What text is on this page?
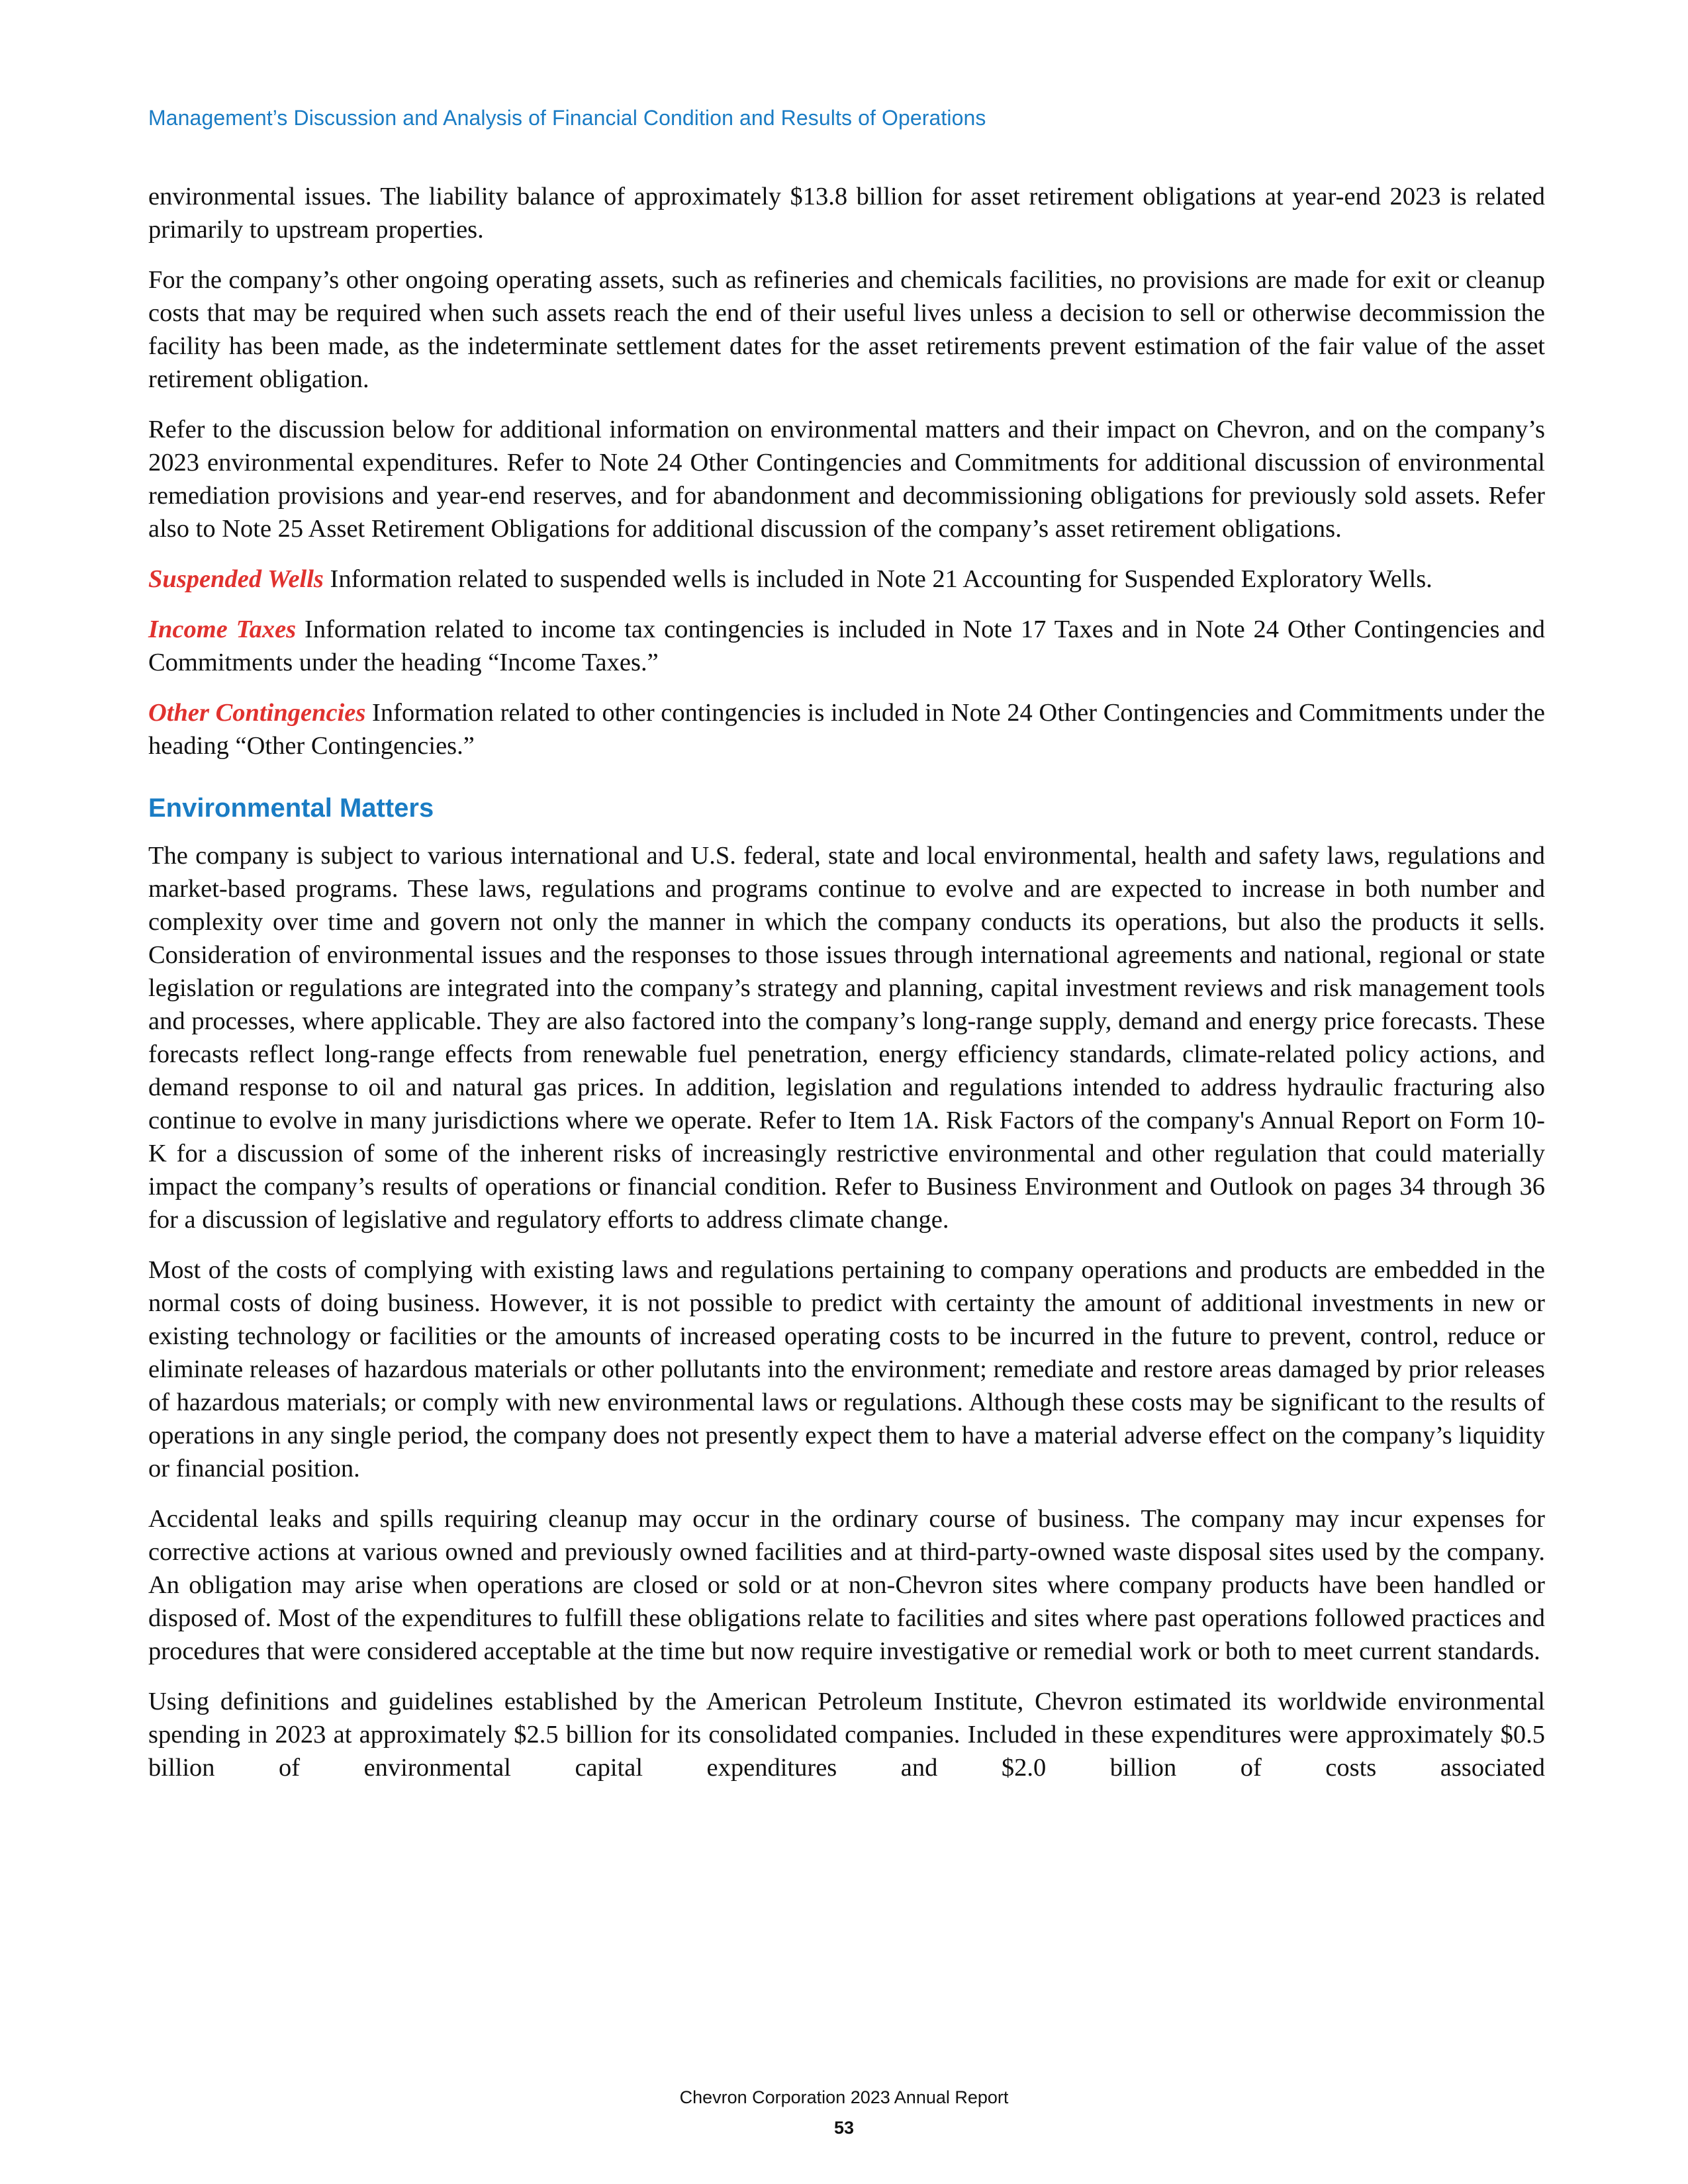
Management’s Discussion and Analysis of Financial Condition and Results of Operations

environmental issues. The liability balance of approximately $13.8 billion for asset retirement obligations at year-end 2023 is related primarily to upstream properties.

For the company’s other ongoing operating assets, such as refineries and chemicals facilities, no provisions are made for exit or cleanup costs that may be required when such assets reach the end of their useful lives unless a decision to sell or otherwise decommission the facility has been made, as the indeterminate settlement dates for the asset retirements prevent estimation of the fair value of the asset retirement obligation.

Refer to the discussion below for additional information on environmental matters and their impact on Chevron, and on the company’s 2023 environmental expenditures. Refer to Note 24 Other Contingencies and Commitments for additional discussion of environmental remediation provisions and year-end reserves, and for abandonment and decommissioning obligations for previously sold assets. Refer also to Note 25 Asset Retirement Obligations for additional discussion of the company’s asset retirement obligations.

Suspended Wells Information related to suspended wells is included in Note 21 Accounting for Suspended Exploratory Wells.

Income Taxes Information related to income tax contingencies is included in Note 17 Taxes and in Note 24 Other Contingencies and Commitments under the heading “Income Taxes.”

Other Contingencies Information related to other contingencies is included in Note 24 Other Contingencies and Commitments under the heading “Other Contingencies.”

Environmental Matters

The company is subject to various international and U.S. federal, state and local environmental, health and safety laws, regulations and market-based programs. These laws, regulations and programs continue to evolve and are expected to increase in both number and complexity over time and govern not only the manner in which the company conducts its operations, but also the products it sells. Consideration of environmental issues and the responses to those issues through international agreements and national, regional or state legislation or regulations are integrated into the company’s strategy and planning, capital investment reviews and risk management tools and processes, where applicable. They are also factored into the company’s long-range supply, demand and energy price forecasts. These forecasts reflect long-range effects from renewable fuel penetration, energy efficiency standards, climate-related policy actions, and demand response to oil and natural gas prices. In addition, legislation and regulations intended to address hydraulic fracturing also continue to evolve in many jurisdictions where we operate. Refer to Item 1A. Risk Factors of the company's Annual Report on Form 10-K for a discussion of some of the inherent risks of increasingly restrictive environmental and other regulation that could materially impact the company’s results of operations or financial condition. Refer to Business Environment and Outlook on pages 34 through 36 for a discussion of legislative and regulatory efforts to address climate change.

Most of the costs of complying with existing laws and regulations pertaining to company operations and products are embedded in the normal costs of doing business. However, it is not possible to predict with certainty the amount of additional investments in new or existing technology or facilities or the amounts of increased operating costs to be incurred in the future to prevent, control, reduce or eliminate releases of hazardous materials or other pollutants into the environment; remediate and restore areas damaged by prior releases of hazardous materials; or comply with new environmental laws or regulations. Although these costs may be significant to the results of operations in any single period, the company does not presently expect them to have a material adverse effect on the company’s liquidity or financial position.

Accidental leaks and spills requiring cleanup may occur in the ordinary course of business. The company may incur expenses for corrective actions at various owned and previously owned facilities and at third-party-owned waste disposal sites used by the company. An obligation may arise when operations are closed or sold or at non-Chevron sites where company products have been handled or disposed of. Most of the expenditures to fulfill these obligations relate to facilities and sites where past operations followed practices and procedures that were considered acceptable at the time but now require investigative or remedial work or both to meet current standards.

Using definitions and guidelines established by the American Petroleum Institute, Chevron estimated its worldwide environmental spending in 2023 at approximately $2.5 billion for its consolidated companies. Included in these expenditures were approximately $0.5 billion of environmental capital expenditures and $2.0 billion of costs associated

Chevron Corporation 2023 Annual Report
53
